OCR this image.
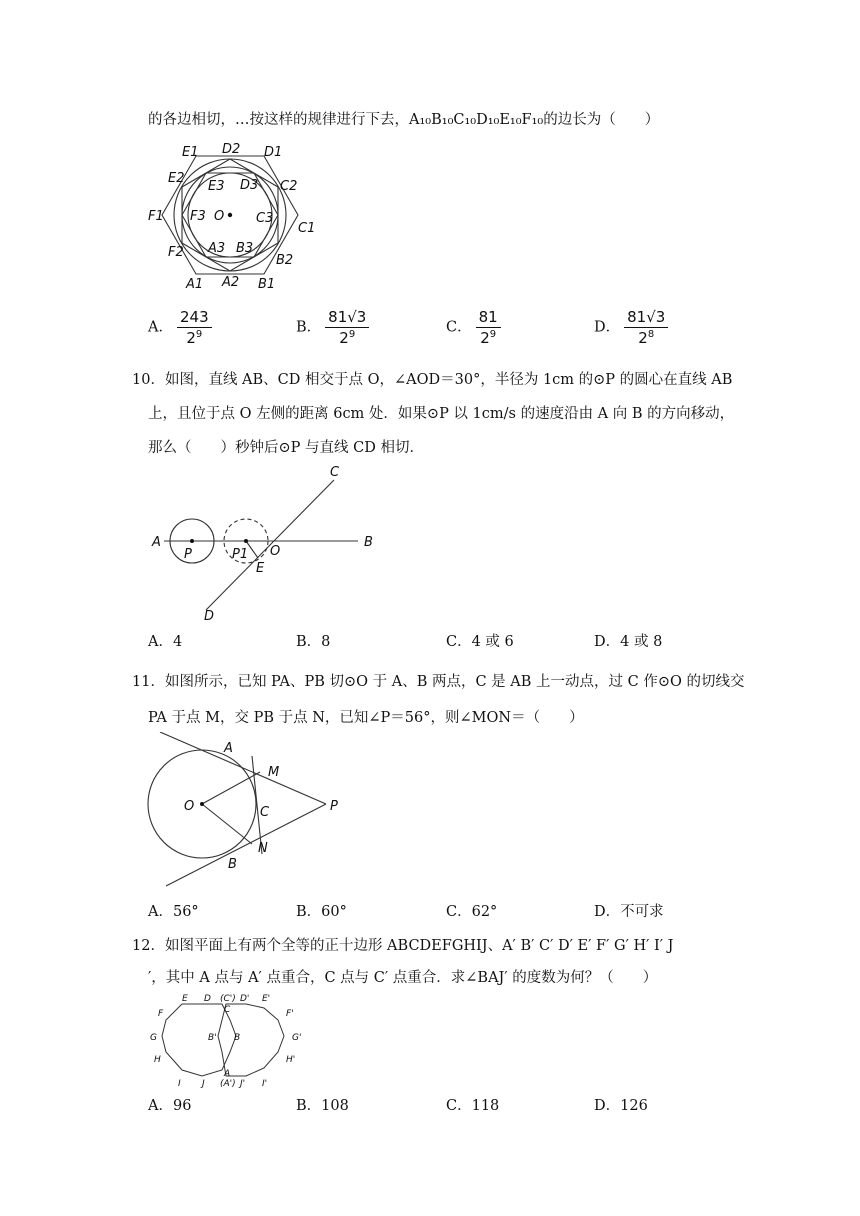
的各边相切，…按这样的规律进行下去，A₁₀B₁₀C₁₀D₁₀E₁₀F₁₀的边长为（　　）
E1 D2 D1
E2
E3 D3 C2
F1 F3 O C3
C1
F2 A3 B3
B2
A1 A2 B1
A． $\frac{243}{2^9}$	B． $\frac{81√3}{2^9}$	C． $\frac{81}{2^9}$	D． $\frac{81√3}{2^8}$
10．如图，直线 AB、CD 相交于点 O，∠AOD＝30°，半径为 1cm 的⊙P 的圆心在直线 AB
上，且位于点 O 左侧的距离 6cm 处．如果⊙P 以 1cm/s 的速度沿由 A 向 B 的方向移动，
那么（　　）秒钟后⊙P 与直线 CD 相切．
A
P	P1 O
B
C
E
D
A．4	B．8	C．4 或 6	D．4 或 8
11．如图所示，已知 PA、PB 切⊙O 于 A、B 两点，C 是 AB 上一动点，过 C 作⊙O 的切线交
PA 于点 M，交 PB 于点 N，已知∠P＝56°，则∠MON＝（　　）
A
M
O	C	P
B
N
A．56°	B．60°	C．62°	D．不可求
12．如图平面上有两个全等的正十边形 ABCDEFGHIJ、A′ B′ C′ D′ E′ F′ G′ H′ I′ J
′，其中 A 点与 A′ 点重合，C 点与 C′ 点重合．求∠BAJ′ 的度数为何？（　　）
E D (C') D' E'
F	C	F'
G	B' B	G'
H	H'
I J
A
(A') J' I'
A．96	B．108	C．118	D．126
